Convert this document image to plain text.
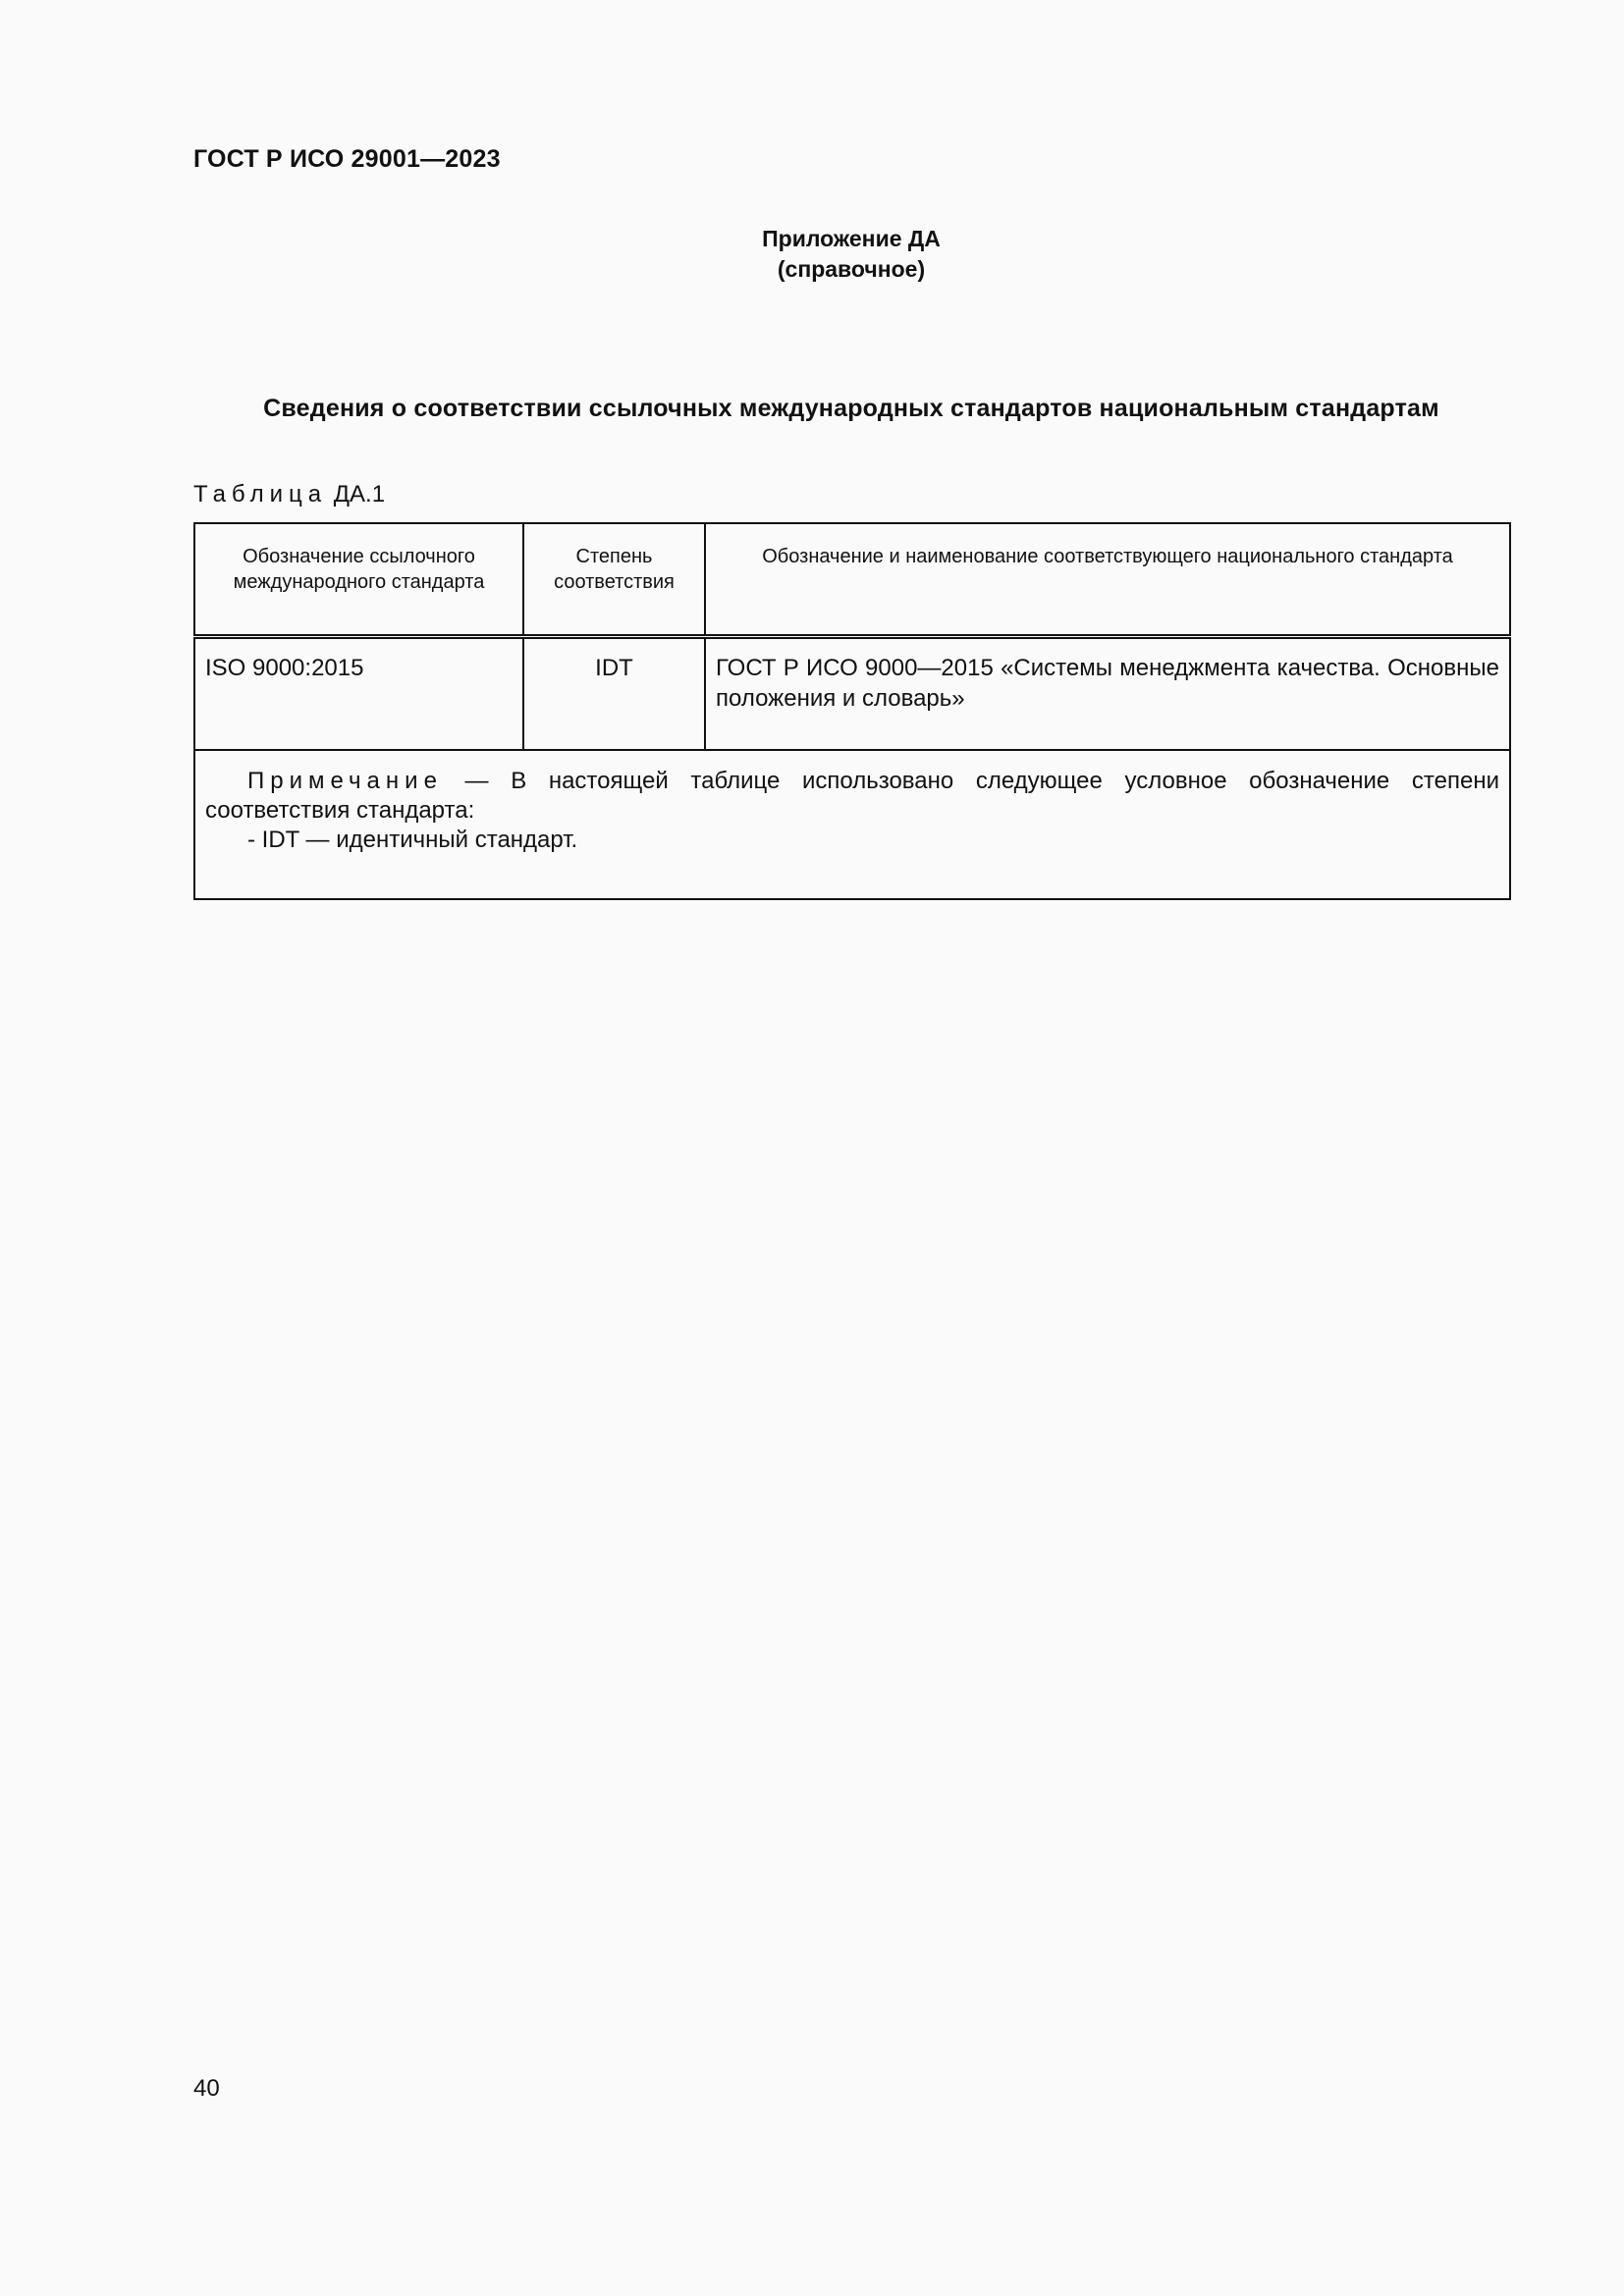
ГОСТ Р ИСО 29001—2023
Приложение ДА
(справочное)
Сведения о соответствии ссылочных международных стандартов национальным стандартам
Таблица ДА.1
Обозначение ссылочного международного стандарта	Степень соответствия	Обозначение и наименование соответствующего национального стандарта
ISO 9000:2015	IDT	ГОСТ Р ИСО 9000—2015 «Системы менеджмента качества. Основные положения и словарь»

Примечание — В настоящей таблице использовано следующее условное обозначение степени соответствия стандарта:
- IDT — идентичный стандарт.		
40
